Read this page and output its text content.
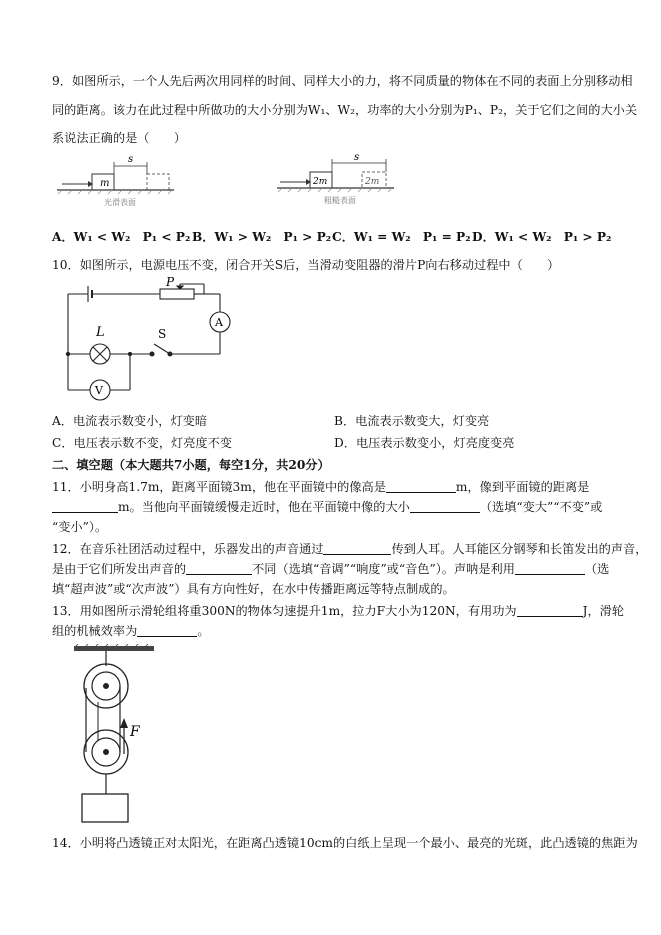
9．如图所示，一个人先后两次用同样的时间、同样大小的力，将不同质量的物体在不同的表面上分别移动相
同的距离。该力在此过程中所做功的大小分别为W₁、W₂，功率的大小分别为P₁、P₂，关于它们之间的大小关
系说法正确的是（　　）
m
s
光滑表面
2m	2m
s
粗糙表面
A．W₁ < W₂　P₁ < P₂ B．W₁ > W₂　P₁ > P₂ C．W₁ = W₂　P₁ = P₂ D．W₁ < W₂　P₁ > P₂
10．如图所示，电源电压不变，闭合开关S后，当滑动变阻器的滑片P向右移动过程中（　　）
P
A
L	S
V
A．电流表示数变小，灯变暗	B．电流表示数变大，灯变亮
C．电压表示数不变，灯亮度不变	D．电压表示数变小，灯亮度变亮
二、填空题（本大题共7小题，每空1分，共20分）
11．小明身高1.7m，距离平面镜3m，他在平面镜中的像高是	m，像到平面镜的距离是
m。当他向平面镜缓慢走近时，他在平面镜中像的大小	（选填“变大”“不变”或
“变小”）。
12．在音乐社团活动过程中，乐器发出的声音通过	传到人耳。人耳能区分钢琴和长笛发出的声音，
是由于它们所发出声音的	不同（选填“音调”“响度”或“音色”）。声呐是利用	（选
填“超声波”或“次声波”）具有方向性好，在水中传播距离远等特点制成的。
13．用如图所示滑轮组将重300N的物体匀速提升1m，拉力F大小为120N，有用功为	J，滑轮
组的机械效率为	。
F
14．小明将凸透镜正对太阳光，在距离凸透镜10cm的白纸上呈现一个最小、最亮的光斑，此凸透镜的焦距为
